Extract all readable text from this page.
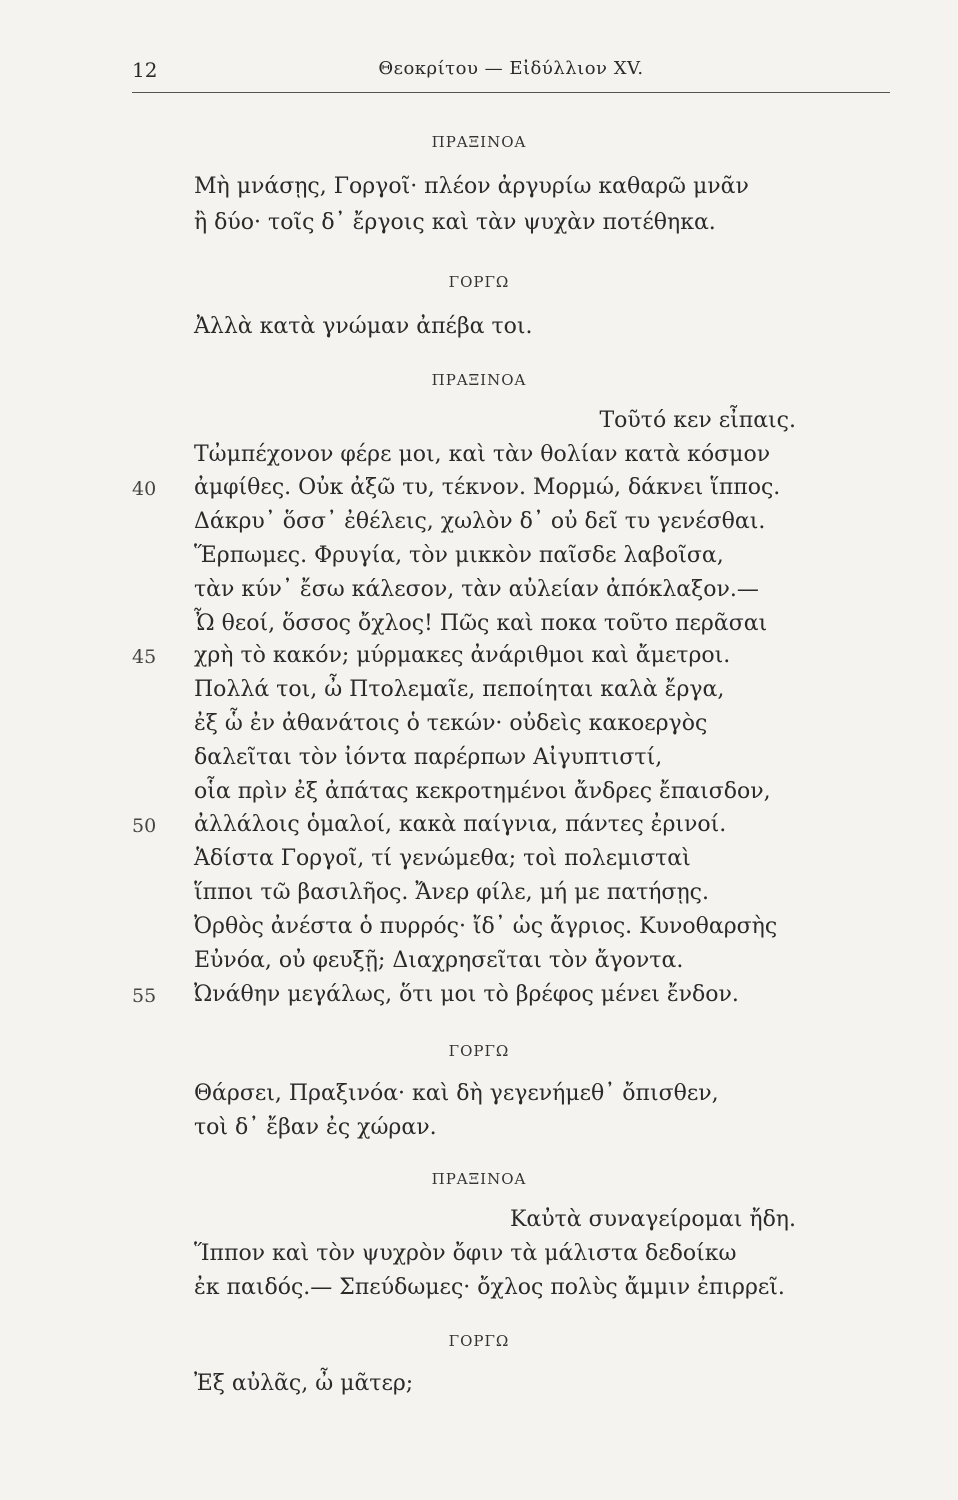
12	Θεοκρίτου — Εἰδύλλιον XV.
ΠΡΑΞΙΝΟΑ
Μὴ μνάσῃς, Γοργοῖ· πλέον ἀργυρίω καθαρῶ μνᾶν
ἢ δύο· τοῖς δ᾽ ἔργοις καὶ τὰν ψυχὰν ποτέθηκα.
ΓΟΡΓΩ
Ἀλλὰ κατὰ γνώμαν ἀπέβα τοι.
ΠΡΑΞΙΝΟΑ
Τοῦτό κεν εἶπαις.
Τὠμπέχονον φέρε μοι, καὶ τὰν θολίαν κατὰ κόσμον
40 ἀμφίθες. Οὐκ ἀξῶ τυ, τέκνον. Μορμώ, δάκνει ἵππος.
Δάκρυ᾽ ὅσσ᾽ ἐθέλεις, χωλὸν δ᾽ οὐ δεῖ τυ γενέσθαι.
Ἕρπωμες. Φρυγία, τὸν μικκὸν παῖσδε λαβοῖσα,
τὰν κύν᾽ ἔσω κάλεσον, τὰν αὐλείαν ἀπόκλαξον.—
Ὦ θεοί, ὅσσος ὄχλος! Πῶς καὶ ποκα τοῦτο περᾶσαι
45 χρὴ τὸ κακόν; μύρμακες ἀνάριθμοι καὶ ἄμετροι.
Πολλά τοι, ὦ Πτολεμαῖε, πεποίηται καλὰ ἔργα,
ἐξ ὧ ἐν ἀθανάτοις ὁ τεκών· οὐδεὶς κακοεργὸς
δαλεῖται τὸν ἰόντα παρέρπων Αἰγυπτιστί,
οἷα πρὶν ἐξ ἀπάτας κεκροτημένοι ἄνδρες ἔπαισδον,
50 ἀλλάλοις ὁμαλοί, κακὰ παίγνια, πάντες ἐρινοί.
Ἁδίστα Γοργοῖ, τί γενώμεθα; τοὶ πολεμισταὶ
ἵπποι τῶ βασιλῆος. Ἄνερ φίλε, μή με πατήσῃς.
Ὀρθὸς ἀνέστα ὁ πυρρός· ἴδ᾽ ὡς ἄγριος. Κυνοθαρσὴς
Εὐνόα, οὐ φευξῇ; Διαχρησεῖται τὸν ἄγοντα.
55 Ὠνάθην μεγάλως, ὅτι μοι τὸ βρέφος μένει ἔνδον.
ΓΟΡΓΩ
Θάρσει, Πραξινόα· καὶ δὴ γεγενήμεθ᾽ ὄπισθεν,
τοὶ δ᾽ ἔβαν ἐς χώραν.
ΠΡΑΞΙΝΟΑ
Καὐτὰ συναγείρομαι ἤδη.
Ἵππον καὶ τὸν ψυχρὸν ὄφιν τὰ μάλιστα δεδοίκω
ἐκ παιδός.— Σπεύδωμες· ὄχλος πολὺς ἄμμιν ἐπιρρεῖ.
ΓΟΡΓΩ
Ἐξ αὐλᾶς, ὦ μᾶτερ;
